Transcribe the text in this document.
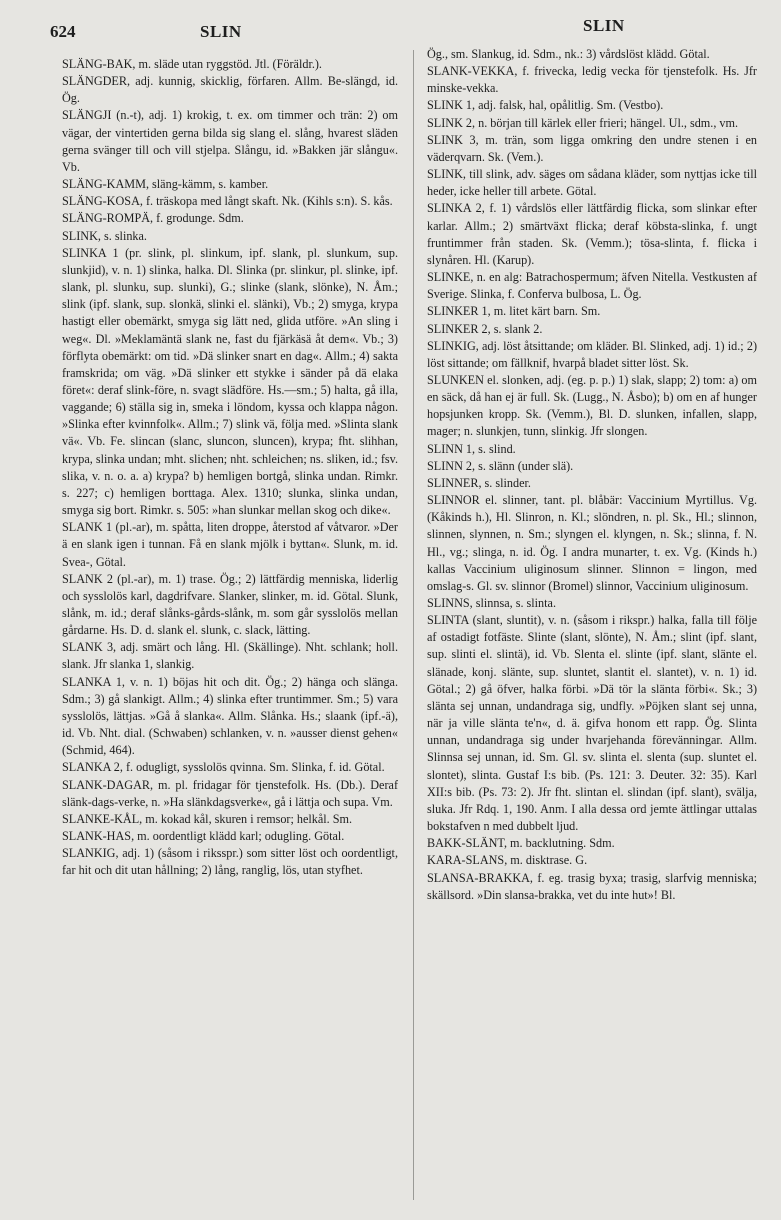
624	SLIN	SLIN

SLÄNG-BAK, m. släde utan ryggstöd. Jtl. (Föräldr.).

SLÄNGDER, adj. kunnig, skicklig, förfaren. Allm. Be-slängd, id. Ög.

SLÄNGJI (n.-t), adj. 1) krokig, t. ex. om timmer och trän: 2) om vägar, der vintertiden gerna bilda sig slang el. slång, hvarest släden gerna svänger till och vill stjelpa. Slångu, id. »Bakken jär slångu«. Vb.

SLÄNG-KAMM, släng-kämm, s. kamber.

SLÄNG-KOSA, f. träskopa med långt skaft. Nk. (Kihls s:n). S. kås.

SLÄNG-ROMPÄ, f. grodunge. Sdm.

SLINK, s. slinka.

SLINKA 1 (pr. slink, pl. slinkum, ipf. slank, pl. slunkum, sup. slunkjid), v. n. 1) slinka, halka. Dl. Slinka (pr. slinkur, pl. slinke, ipf. slank, pl. slunku, sup. slunki), G.; slinke (slank, slönke), N. Åm.; slink (ipf. slank, sup. slonkä, slinki el. slänki), Vb.; 2) smyga, krypa hastigt eller obemärkt, smyga sig lätt ned, glida utföre. »An sling i weg«. Dl. »Meklamäntä slank ne, fast du fjärkäsä åt dem«. Vb.; 3) förflyta obemärkt: om tid. »Dä slinker snart en dag«. Allm.; 4) sakta framskrida; om väg. »Dä slinker ett stykke i sänder på dä elaka föret«: deraf slink-före, n. svagt slädföre. Hs.—sm.; 5) halta, gå illa, vaggande; 6) ställa sig in, smeka i löndom, kyssa och klappa någon. »Slinka efter kvinnfolk«. Allm.; 7) slink vä, följa med. »Slinta slank vä«. Vb. Fe. slincan (slanc, sluncon, sluncen), krypa; fht. slihhan, krypa, slinka undan; mht. slichen; nht. schleichen; ns. sliken, id.; fsv. slika, v. n. o. a. a) krypa? b) hemligen bortgå, slinka undan. Rimkr. s. 227; c) hemligen borttaga. Alex. 1310; slunka, slinka undan, smyga sig bort. Rimkr. s. 505: »han slunkar mellan skog och dike«.

SLANK 1 (pl.-ar), m. spåtta, liten droppe, återstod af våtvaror. »Der ä en slank igen i tunnan. Få en slank mjölk i byttan«. Slunk, m. id. Svea-, Götal.

SLANK 2 (pl.-ar), m. 1) trase. Ög.; 2) lättfärdig menniska, liderlig och sysslolös karl, dagdrifvare. Slanker, slinker, m. id. Götal. Slunk, slånk, m. id.; deraf slånks-gårds-slånk, m. som går sysslolös mellan gårdarne. Hs. D. d. slank el. slunk, c. slack, lätting.

SLANK 3, adj. smärt och lång. Hl. (Skällinge). Nht. schlank; holl. slank. Jfr slanka 1, slankig.

SLANKA 1, v. n. 1) böjas hit och dit. Ög.; 2) hänga och slänga. Sdm.; 3) gå slankigt. Allm.; 4) slinka efter truntimmer. Sm.; 5) vara sysslolös, lättjas. »Gå å slanka«. Allm. Slånka. Hs.; slaank (ipf.-ä), id. Vb. Nht. dial. (Schwaben) schlanken, v. n. »ausser dienst gehen« (Schmid, 464).

SLANKA 2, f. odugligt, sysslolös qvinna. Sm. Slinka, f. id. Götal.

SLANK-DAGAR, m. pl. fridagar för tjenstefolk. Hs. (Db.). Deraf slänk-dags-verke, n. »Ha slänkdagsverke«, gå i lättja och supa. Vm.

SLANKE-KÅL, m. kokad kål, skuren i remsor; helkål. Sm.

SLANK-HAS, m. oordentligt klädd karl; odugling. Götal.

SLANKIG, adj. 1) (såsom i riksspr.) som sitter löst och oordentligt, far hit och dit utan hållning; 2) lång, ranglig, lös, utan styfhet.

Ög., sm. Slankug, id. Sdm., nk.: 3) vårdslöst klädd. Götal.

SLANK-VEKKA, f. frivecka, ledig vecka för tjenstefolk. Hs. Jfr minske-vekka.

SLINK 1, adj. falsk, hal, opålitlig. Sm. (Vestbo).

SLINK 2, n. början till kärlek eller frieri; hängel. Ul., sdm., vm.

SLINK 3, m. trän, som ligga omkring den undre stenen i en väderqvarn. Sk. (Vem.).

SLINK, till slink, adv. säges om sådana kläder, som nyttjas icke till heder, icke heller till arbete. Götal.

SLINKA 2, f. 1) vårdslös eller lättfärdig flicka, som slinkar efter karlar. Allm.; 2) smärtväxt flicka; deraf köbsta-slinka, f. ungt fruntimmer från staden. Sk. (Vemm.); tösa-slinta, f. flicka i slynåren. Hl. (Karup).

SLINKE, n. en alg: Batrachospermum; äfven Nitella. Vestkusten af Sverige. Slinka, f. Conferva bulbosa, L. Ög.

SLINKER 1, m. litet kärt barn. Sm.

SLINKER 2, s. slank 2.

SLINKIG, adj. löst åtsittande; om kläder. Bl. Slinked, adj. 1) id.; 2) löst sittande; om fällknif, hvarpå bladet sitter löst. Sk.

SLUNKEN el. slonken, adj. (eg. p. p.) 1) slak, slapp; 2) tom: a) om en säck, då han ej är full. Sk. (Lugg., N. Åsbo); b) om en af hunger hopsjunken kropp. Sk. (Vemm.), Bl. D. slunken, infallen, slapp, mager; n. slunkjen, tunn, slinkig. Jfr slongen.

SLINN 1, s. slind.

SLINN 2, s. slänn (under slä).

SLINNER, s. slinder.

SLINNOR el. slinner, tant. pl. blåbär: Vaccinium Myrtillus. Vg. (Kåkinds h.), Hl. Slinron, n. Kl.; slöndren, n. pl. Sk., Hl.; slinnon, slinnen, slynnen, n. Sm.; slyngen el. klyngen, n. Sk.; slinna, f. N. Hl., vg.; slinga, n. id. Ög. I andra munarter, t. ex. Vg. (Kinds h.) kallas Vaccinium uliginosum slinner. Slinnon = lingon, med omslag-s. Gl. sv. slinnor (Bromel) slinnor, Vaccinium uliginosum.

SLINNS, slinnsa, s. slinta.

SLINTA (slant, sluntit), v. n. (såsom i rikspr.) halka, falla till följe af ostadigt fotfäste. Slinte (slant, slönte), N. Åm.; slint (ipf. slant, sup. slinti el. slintä), id. Vb. Slenta el. slinte (ipf. slant, slänte el. slänade, konj. slänte, sup. sluntet, slantit el. slantet), v. n. 1) id. Götal.; 2) gå öfver, halka förbi. »Dä tör la slänta förbi«. Sk.; 3) slänta sej unnan, undandraga sig, undfly. »Pöjken slant sej unna, när ja ville slänta te'n«, d. ä. gifva honom ett rapp. Ög. Slinta unnan, undandraga sig under hvarjehanda förevänningar. Allm. Slinnsa sej unnan, id. Sm. Gl. sv. slinta el. slenta (sup. sluntet el. slontet), slinta. Gustaf I:s bib. (Ps. 121: 3. Deuter. 32: 35). Karl XII:s bib. (Ps. 73: 2). Jfr fht. slintan el. slindan (ipf. slant), svälja, sluka. Jfr Rdq. 1, 190. Anm. I alla dessa ord jemte ättlingar uttalas bokstafven n med dubbelt ljud.

BAKK-SLÄNT, m. backlutning. Sdm.

KARA-SLANS, m. disktrase. G.

SLANSA-BRAKKA, f. eg. trasig byxa; trasig, slarfvig menniska; skällsord. »Din slansa-brakka, vet du inte hut»! Bl.
